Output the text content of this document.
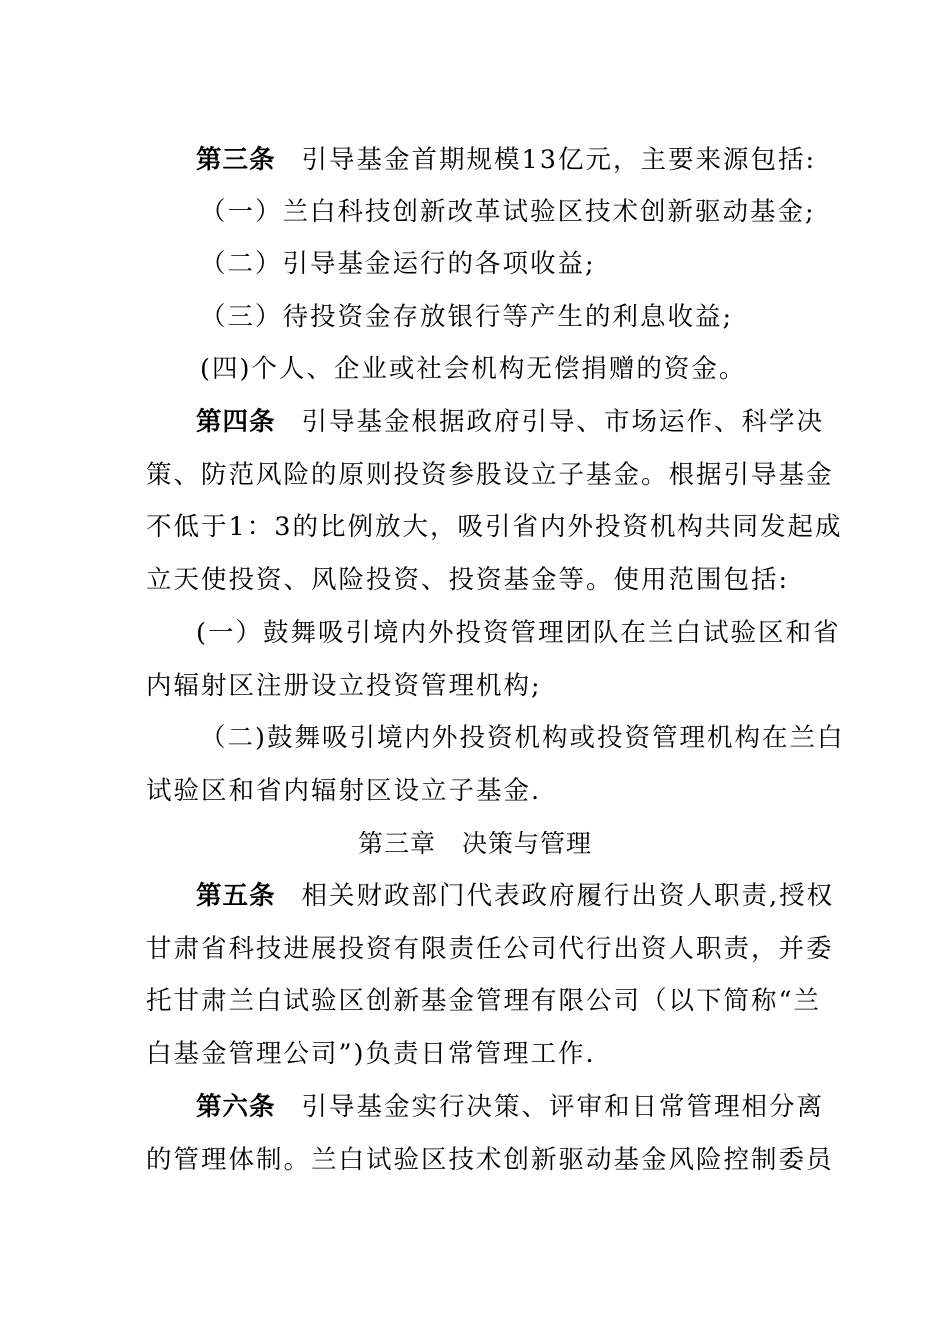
第三条 引导基金首期规模13亿元，主要来源包括:
（一）兰白科技创新改革试验区技术创新驱动基金;
（二）引导基金运行的各项收益;
（三）待投资金存放银行等产生的利息收益;
(四)个人、企业或社会机构无偿捐赠的资金。
第四条 引导基金根据政府引导、市场运作、科学决
策、防范风险的原则投资参股设立子基金。根据引导基金
不低于1：3的比例放大，吸引省内外投资机构共同发起成
立天使投资、风险投资、投资基金等。使用范围包括:
(一）鼓舞吸引境内外投资管理团队在兰白试验区和省
内辐射区注册设立投资管理机构;
（二)鼓舞吸引境内外投资机构或投资管理机构在兰白
试验区和省内辐射区设立子基金.
第三章　决策与管理
第五条 相关财政部门代表政府履行出资人职责,授权
甘肃省科技进展投资有限责任公司代行出资人职责，并委
托甘肃兰白试验区创新基金管理有限公司（以下简称“兰
白基金管理公司”)负责日常管理工作.
第六条 引导基金实行决策、评审和日常管理相分离
的管理体制。兰白试验区技术创新驱动基金风险控制委员
